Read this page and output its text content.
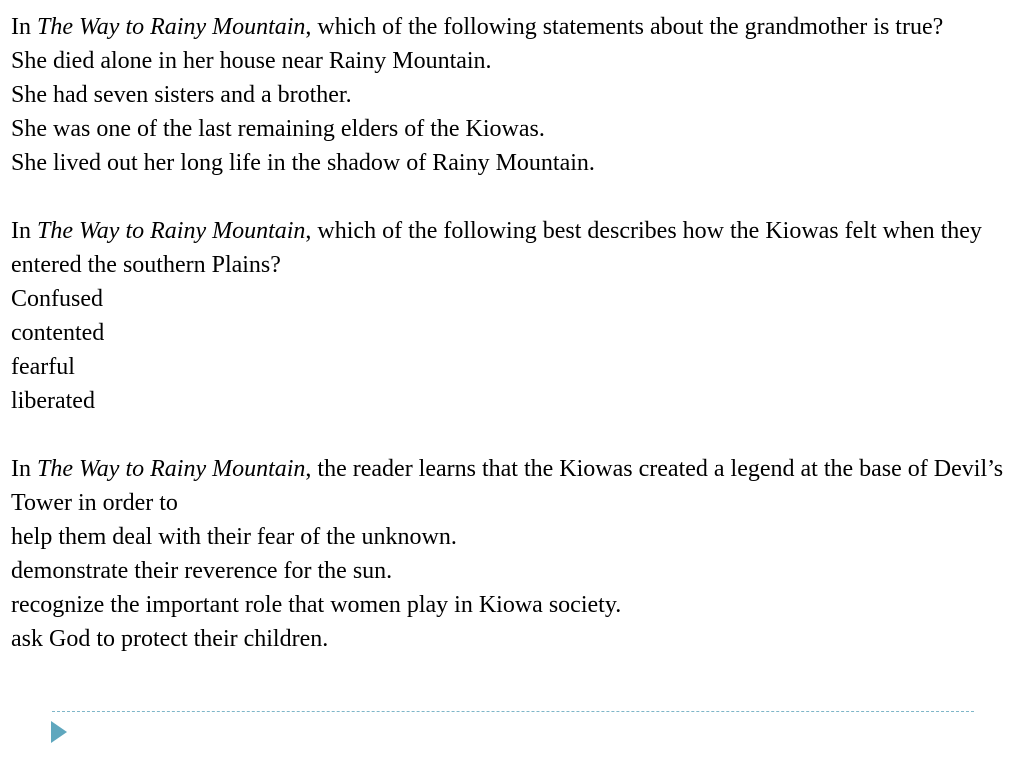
In The Way to Rainy Mountain, which of the following statements about the grandmother is true?
She died alone in her house near Rainy Mountain.
She had seven sisters and a brother.
She was one of the last remaining elders of the Kiowas.
She lived out her long life in the shadow of Rainy Mountain.
In The Way to Rainy Mountain, which of the following best describes how the Kiowas felt when they entered the southern Plains?
Confused
contented
fearful
liberated
In The Way to Rainy Mountain, the reader learns that the Kiowas created a legend at the base of Devil’s Tower in order to
help them deal with their fear of the unknown.
demonstrate their reverence for the sun.
recognize the important role that women play in Kiowa society.
ask God to protect their children.
